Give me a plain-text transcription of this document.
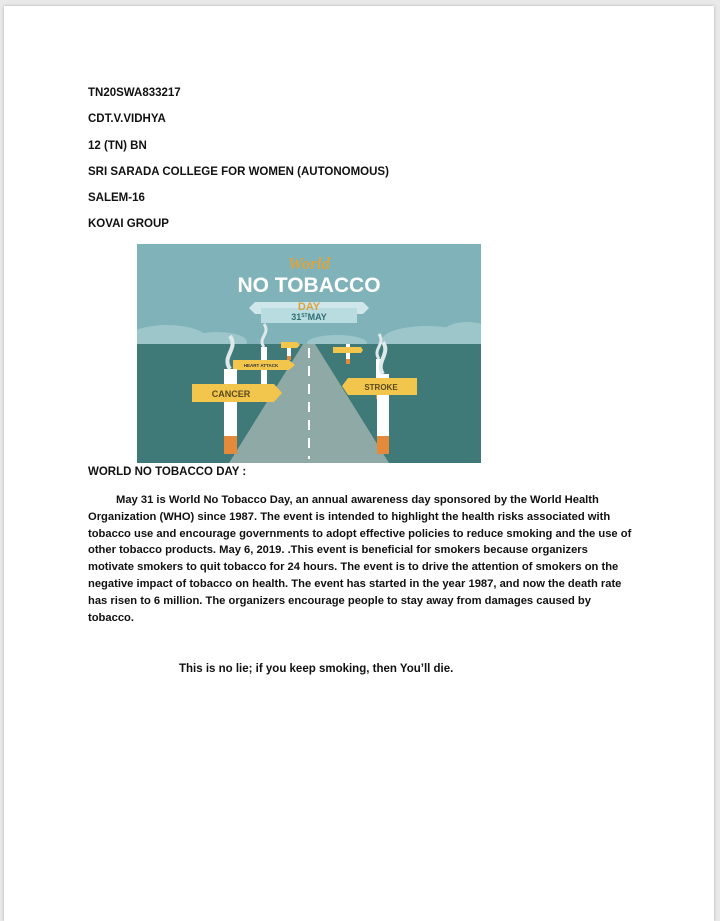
TN20SWA833217
CDT.V.VIDHYA
12 (TN) BN
SRI SARADA COLLEGE FOR WOMEN (AUTONOMOUS)
SALEM-16
KOVAI GROUP
World
NO TOBACCO
DAY
31STMAY
HEART ATTACK
CANCER
STROKE
WORLD NO TOBACCO DAY :

May 31 is World No Tobacco Day, an annual awareness day sponsored by the World Health Organization (WHO) since 1987. The event is intended to highlight the health risks associated with tobacco use and encourage governments to adopt effective policies to reduce smoking and the use of other tobacco products. May 6, 2019. .This event is beneficial for smokers because organizers motivate smokers to quit tobacco for 24 hours. The event is to drive the attention of smokers on the negative impact of tobacco on health. The event has started in the year 1987, and now the death rate has risen to 6 million. The organizers encourage people to stay away from damages caused by tobacco.

This is no lie; if you keep smoking, then You’ll die.
